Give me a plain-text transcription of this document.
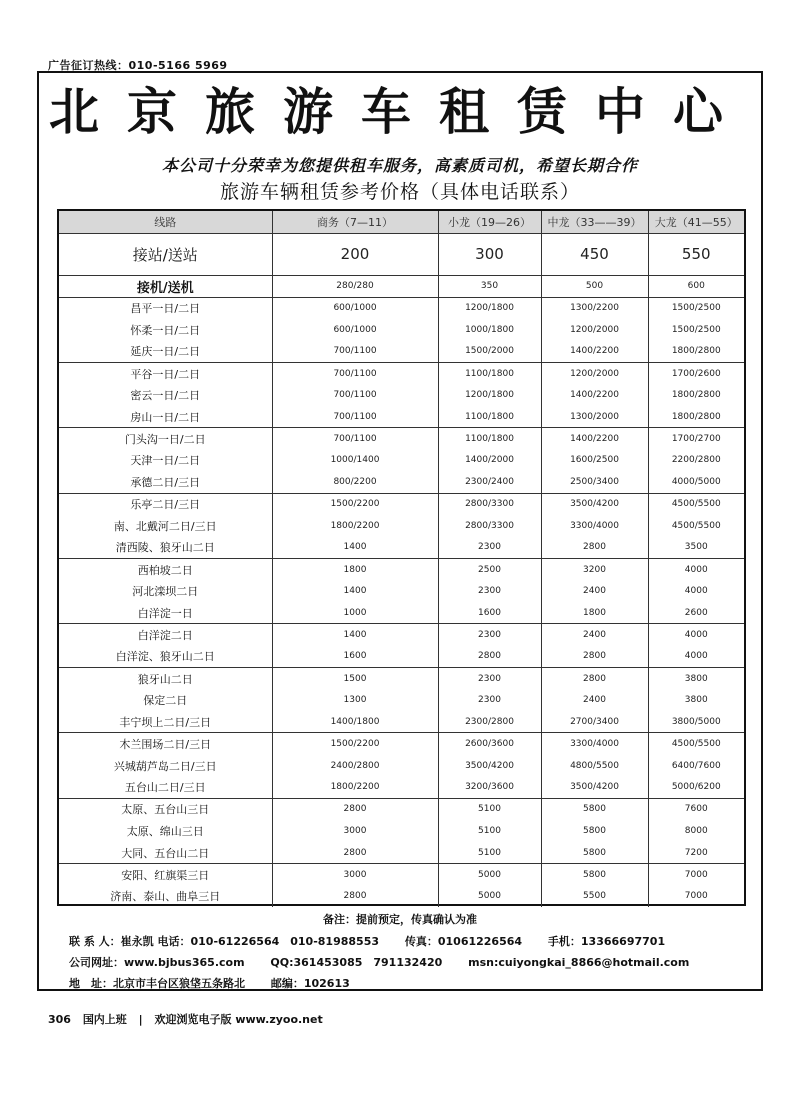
广告征订热线：010-5166 5969
北京旅游车租赁中心
本公司十分荣幸为您提供租车服务，高素质司机，希望长期合作
旅游车辆租赁参考价格（具体电话联系）
线路	商务（7—11）	小龙（19—26）	中龙（33——39）	大龙（41—55）
接站/送站	200	300	450	550
接机/送机	280/280	350	500	600
昌平一日/二日	600/1000	1200/1800	1300/2200	1500/2500
怀柔一日/二日	600/1000	1000/1800	1200/2000	1500/2500
延庆一日/二日	700/1100	1500/2000	1400/2200	1800/2800
平谷一日/二日	700/1100	1100/1800	1200/2000	1700/2600
密云一日/二日	700/1100	1200/1800	1400/2200	1800/2800
房山一日/二日	700/1100	1100/1800	1300/2000	1800/2800
门头沟一日/二日	700/1100	1100/1800	1400/2200	1700/2700
天津一日/二日	1000/1400	1400/2000	1600/2500	2200/2800
承德二日/三日	800/2200	2300/2400	2500/3400	4000/5000
乐亭二日/三日	1500/2200	2800/3300	3500/4200	4500/5500
南、北戴河二日/三日	1800/2200	2800/3300	3300/4000	4500/5500
清西陵、狼牙山二日	1400	2300	2800	3500
西柏坡二日	1800	2500	3200	4000
河北滦坝二日	1400	2300	2400	4000
白洋淀一日	1000	1600	1800	2600
白洋淀二日	1400	2300	2400	4000
白洋淀、狼牙山二日	1600	2800	2800	4000
狼牙山二日	1500	2300	2800	3800
保定二日	1300	2300	2400	3800
丰宁坝上二日/三日	1400/1800	2300/2800	2700/3400	3800/5000
木兰围场二日/三日	1500/2200	2600/3600	3300/4000	4500/5500
兴城葫芦岛二日/三日	2400/2800	3500/4200	4800/5500	6400/7600
五台山二日/三日	1800/2200	3200/3600	3500/4200	5000/6200
太原、五台山三日	2800	5100	5800	7600
太原、绵山三日	3000	5100	5800	8000
大同、五台山二日	2800	5100	5800	7200
安阳、红旗渠三日	3000	5000	5800	7000
济南、泰山、曲阜三日	2800	5000	5500	7000
备注：提前预定，传真确认为准
联 系 人：崔永凯 电话：010-61226564　010-81988553 传真：01061226564 手机：13366697701
公司网址：www.bjbus365.com QQ:361453085　791132420 msn:cuiyongkai_8866@hotmail.com
地　址：北京市丰台区狼垡五条路北 邮编：102613
306 国内上班 | 欢迎浏览电子版 www.zyoo.net
